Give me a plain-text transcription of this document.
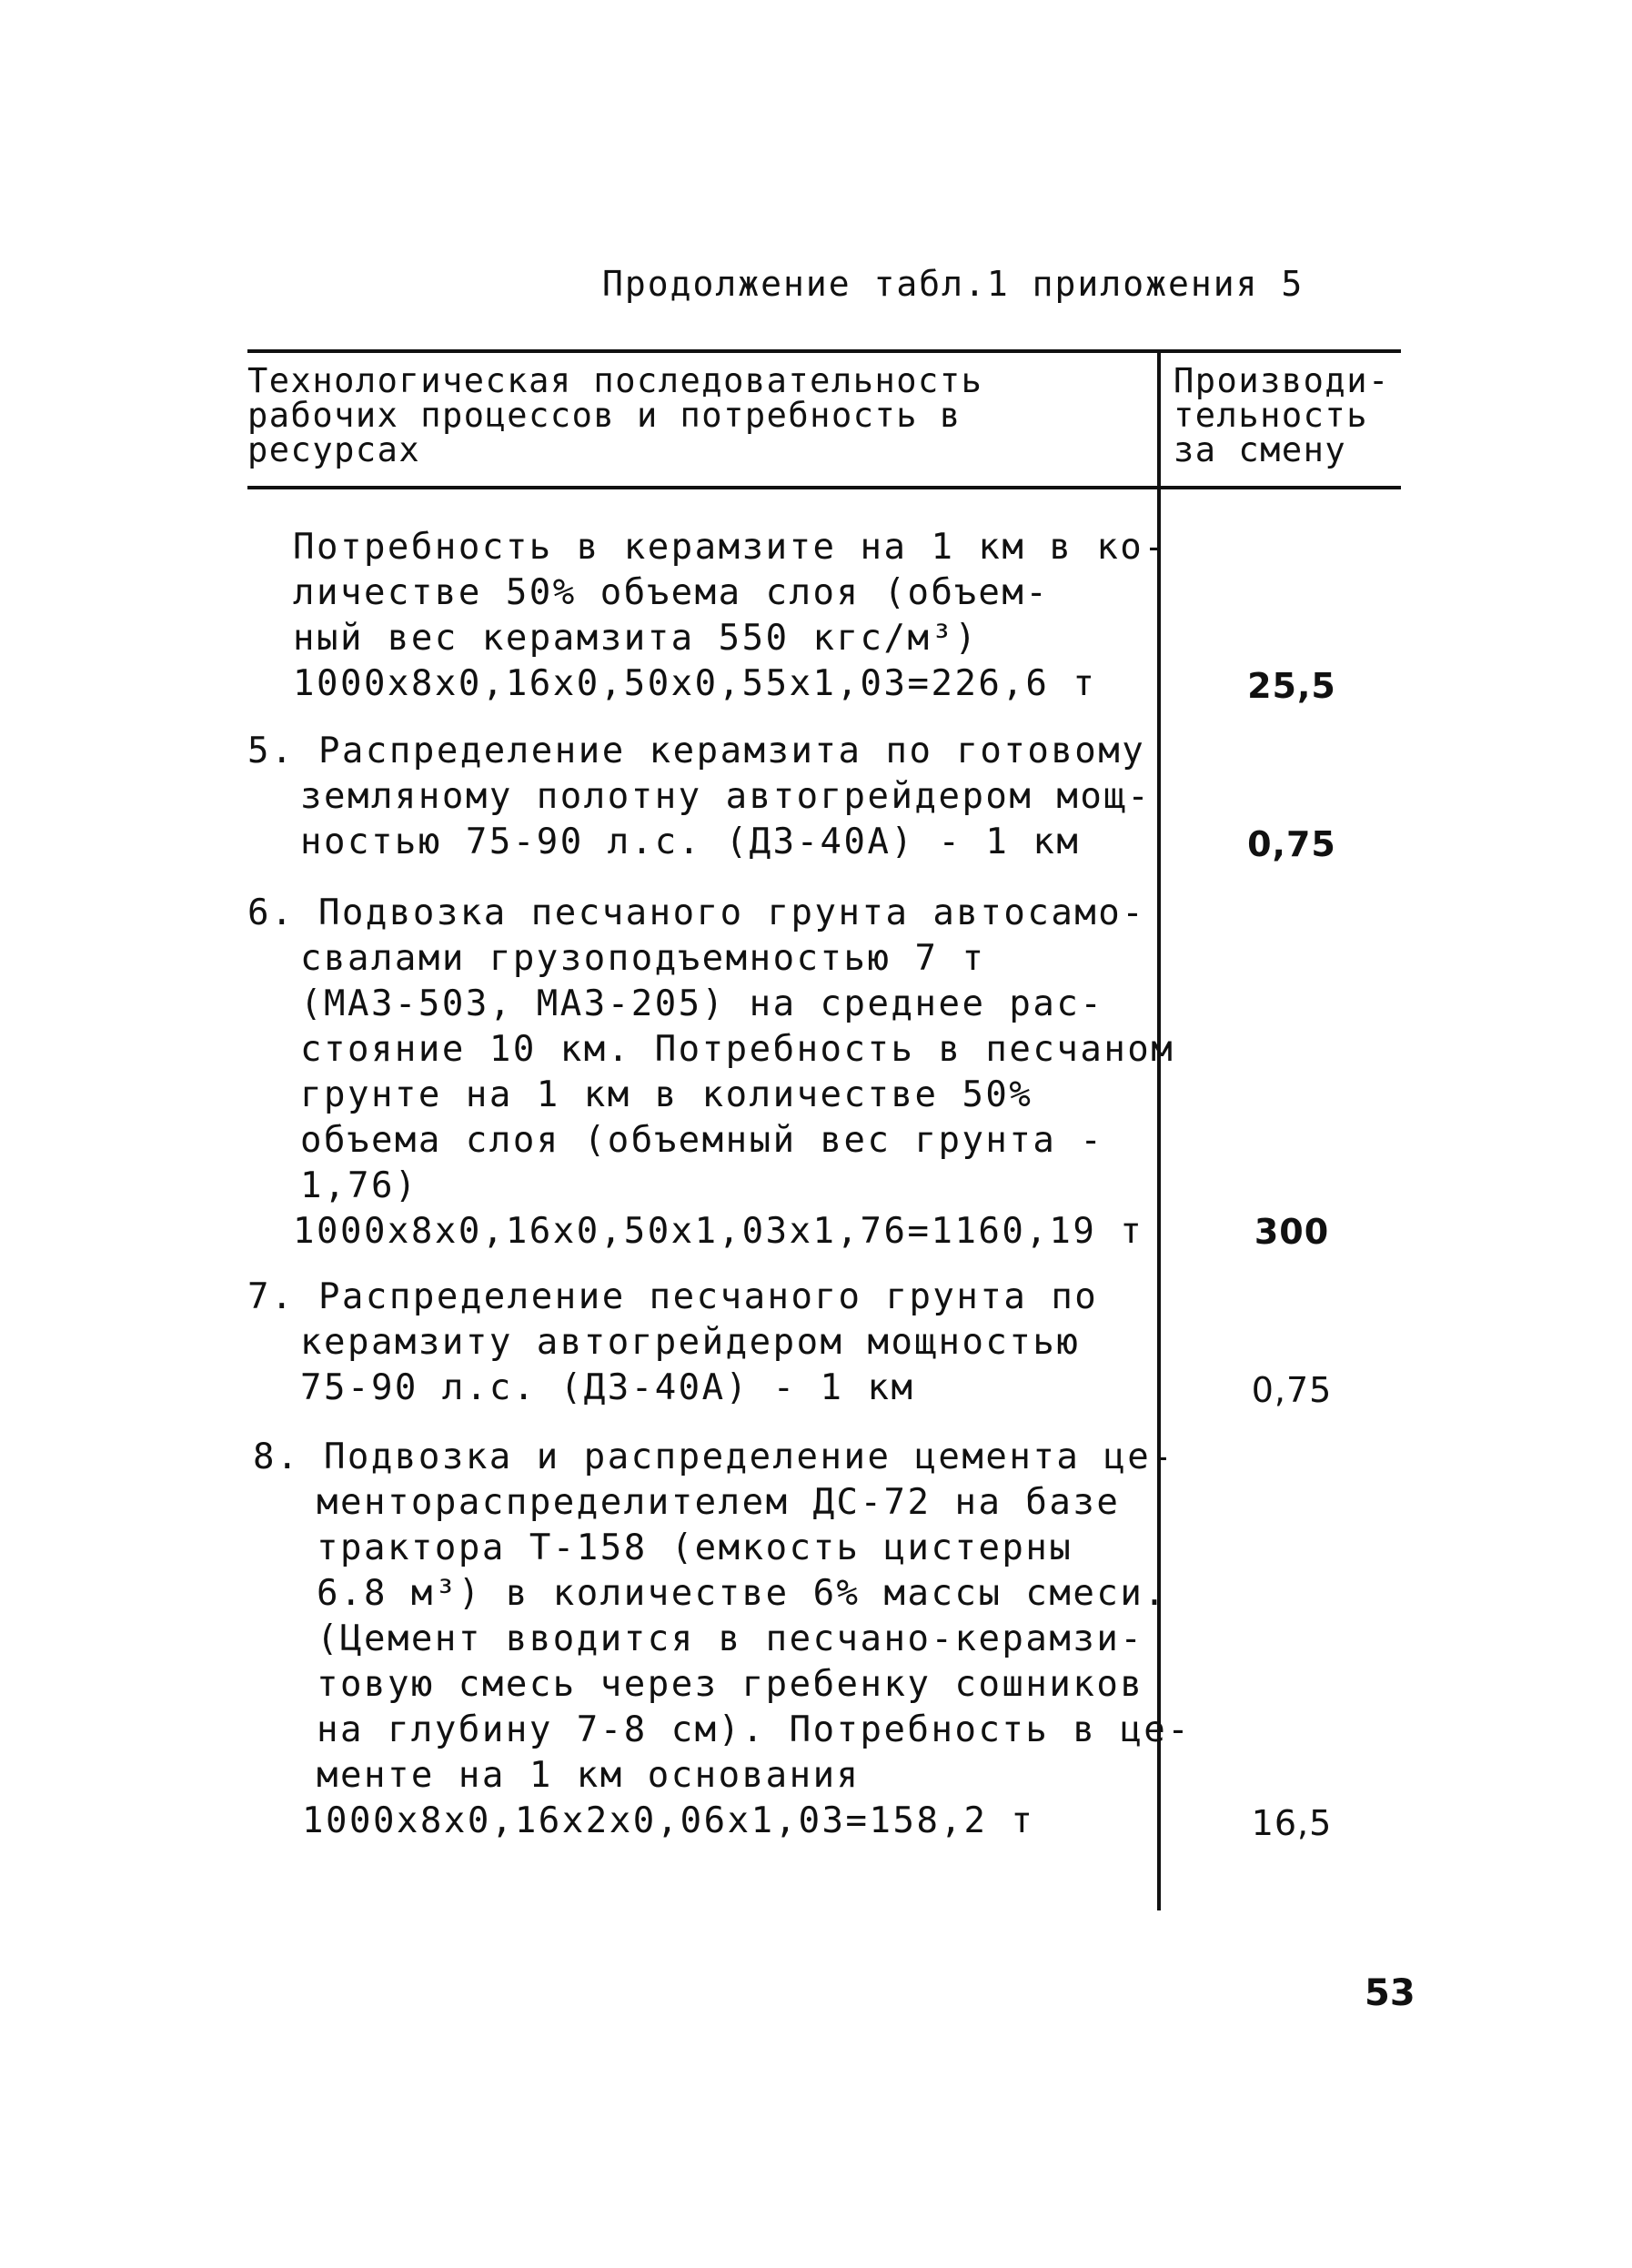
Продолжение табл.1 приложения 5
Технологическая последовательность
рабочих процессов и потребность в
ресурсах
Производи-
тельность
за смену
Потребность в керамзите на 1 км в ко-
личестве 50% объема слоя (объем-
ный вес керамзита 550 кгс/м³)
1000x8x0,16x0,50x0,55x1,03=226,6 т	25,5
5. Распределение керамзита по готовому
земляному полотну автогрейдером мощ-
ностью 75-90 л.с. (ДЗ-40А) - 1 км	0,75
6. Подвозка песчаного грунта автосамо-
свалами грузоподъемностью 7 т
(МАЗ-503, МАЗ-205) на среднее рас-
стояние 10 км. Потребность в песчаном
грунте на 1 км в количестве 50%
объема слоя (объемный вес грунта -
1,76)
1000x8x0,16x0,50x1,03x1,76=1160,19 т	300
7. Распределение песчаного грунта по
керамзиту автогрейдером мощностью
75-90 л.с. (ДЗ-40А) - 1 км	0,75
8. Подвозка и распределение цемента це-
менторaспределителем ДС-72 на базе
трактора Т-158 (емкость цистерны
6.8 м³) в количестве 6% массы смеси.
(Цемент вводится в песчано-керамзи-
товую смесь через гребенку сошников
на глубину 7-8 см). Потребность в це-
менте на 1 км основания
1000x8x0,16x2x0,06x1,03=158,2 т	16,5
53
